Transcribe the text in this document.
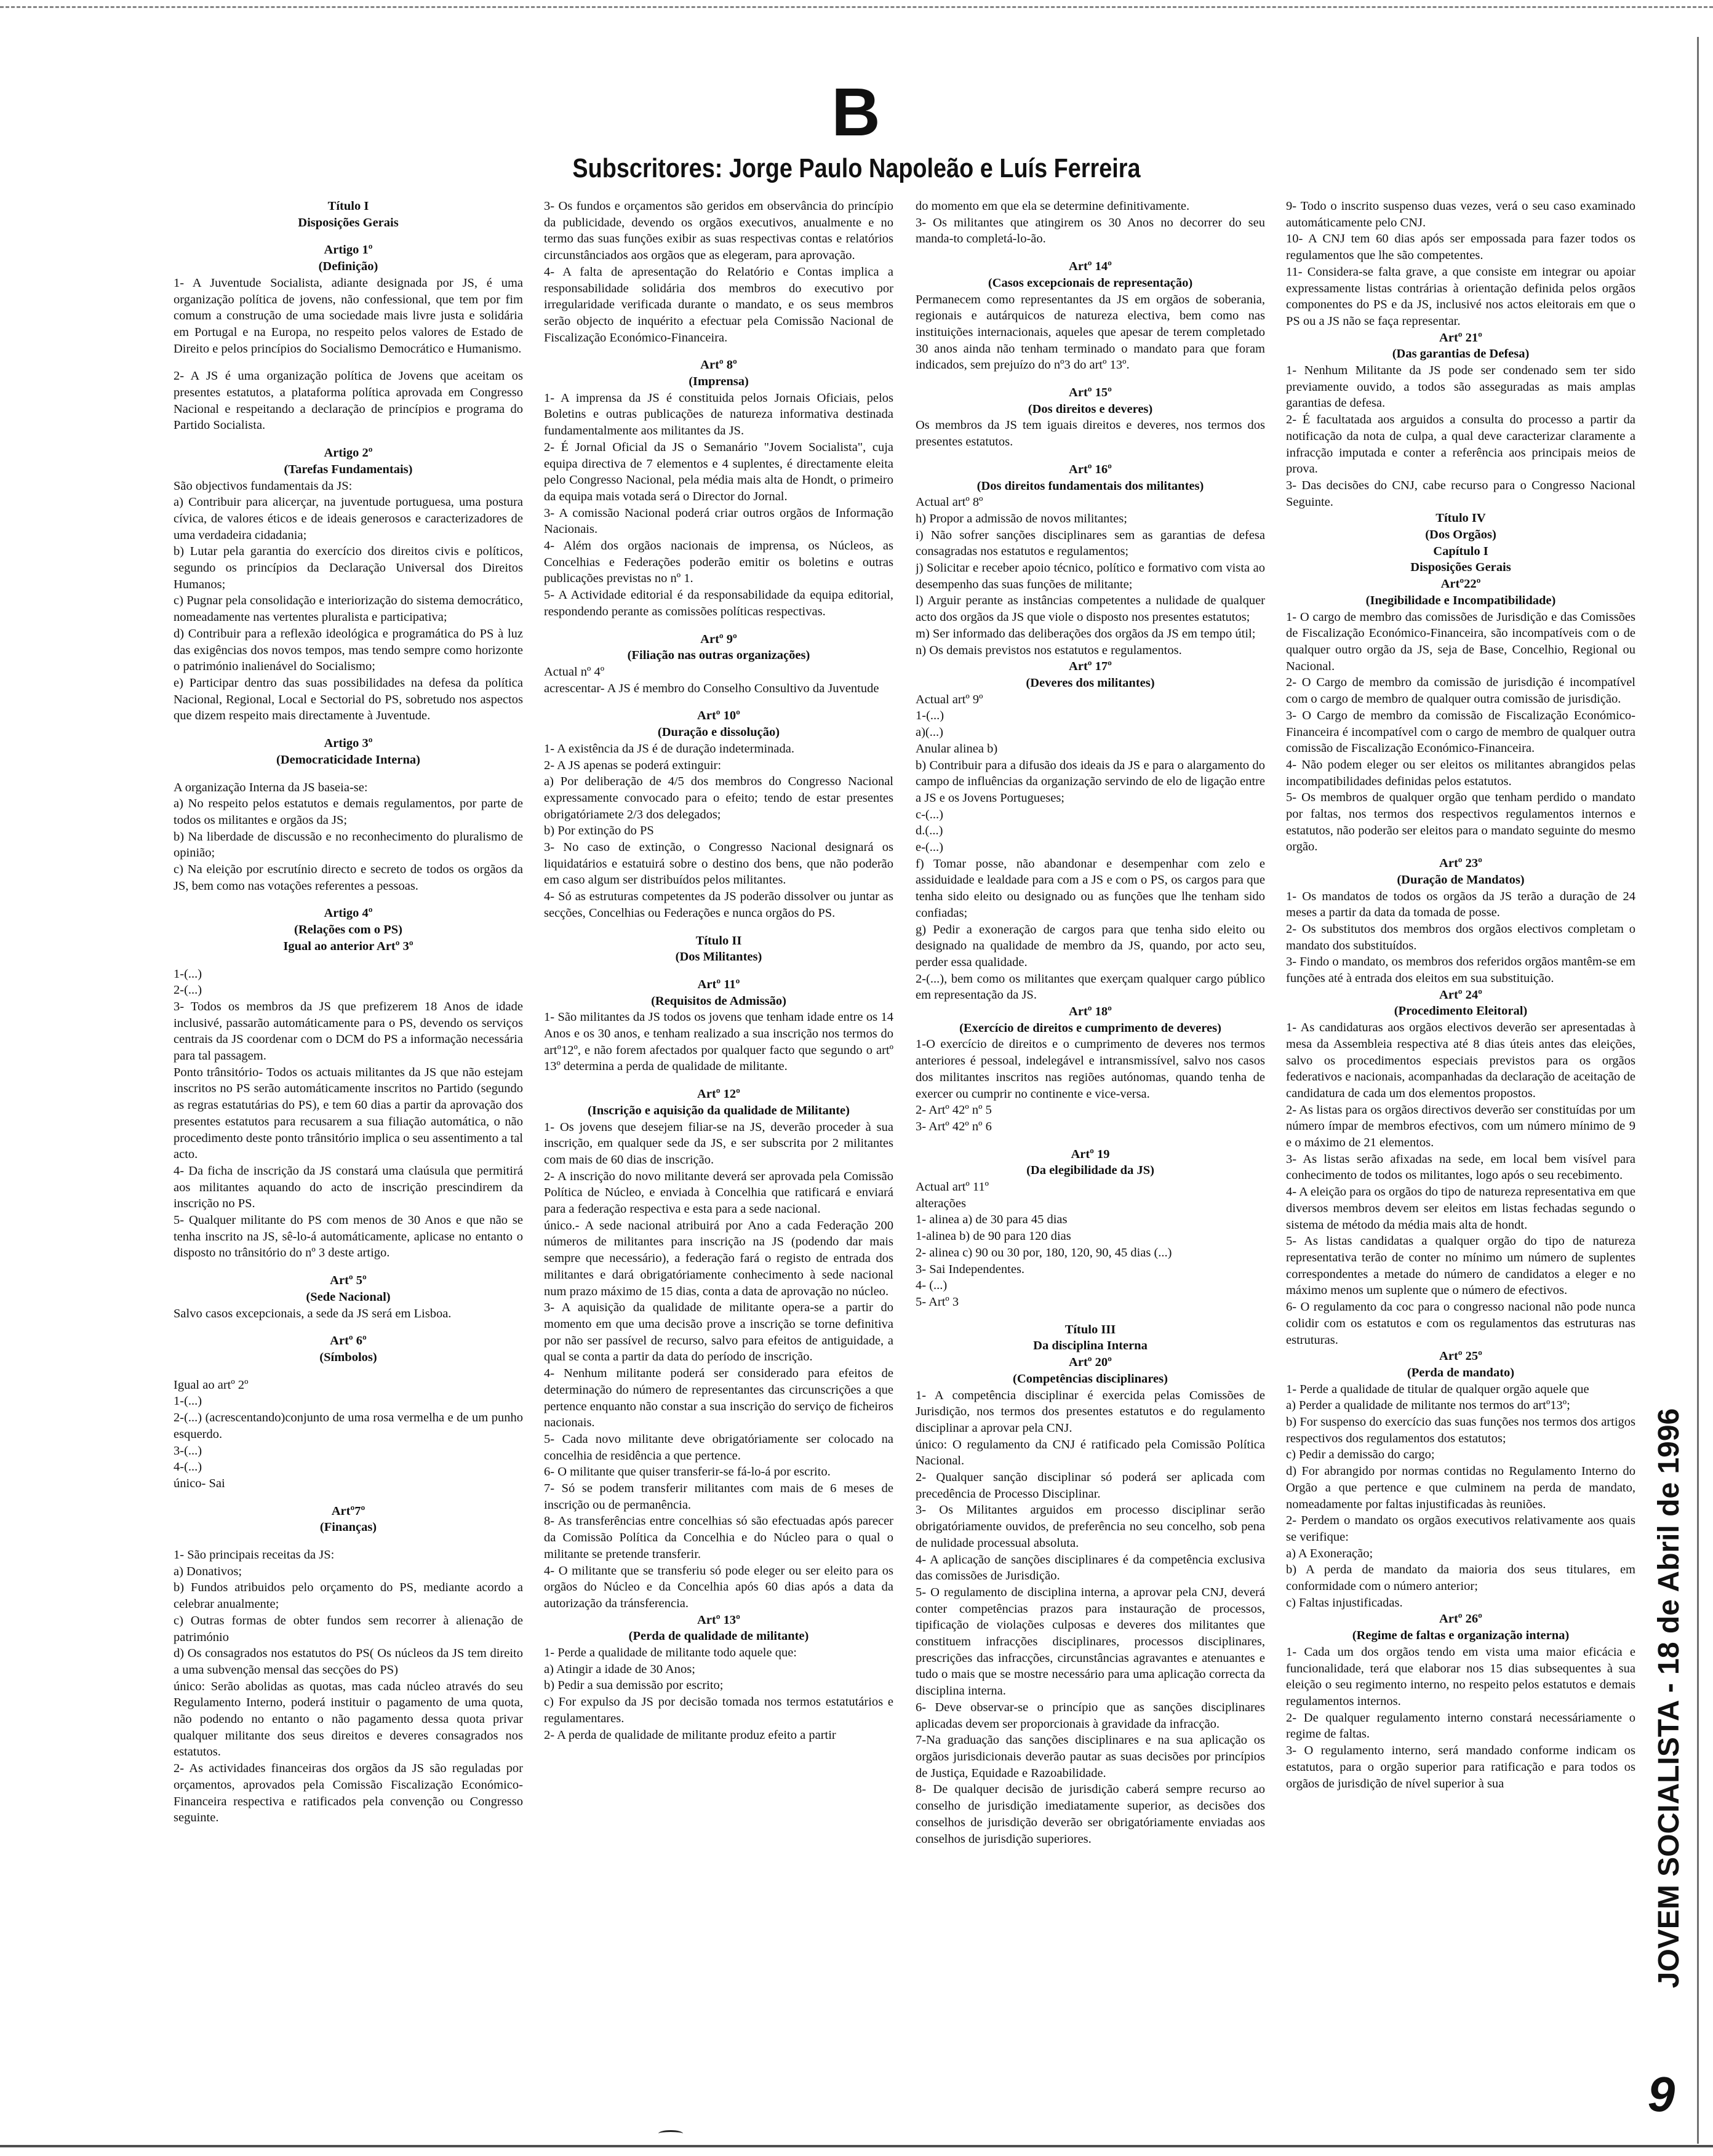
B
Subscritores: Jorge Paulo Napoleão e Luís Ferreira
Título I
Disposições Gerais
Artigo 1º
(Definição)
1- A Juventude Socialista, adiante designada por JS, é uma organização política de jovens, não confessional, que tem por fim comum a construção de uma sociedade mais livre justa e solidária em Portugal e na Europa, no respeito pelos valores de Estado de Direito e pelos princípios do Socialismo Democrático e Humanismo.
2- A JS é uma organização política de Jovens que aceitam os presentes estatutos, a plataforma política aprovada em Congresso Nacional e respeitando a declaração de princípios e programa do Partido Socialista.
Artigo 2º
(Tarefas Fundamentais)
São objectivos fundamentais da JS:
a) Contribuir para alicerçar, na juventude portuguesa, uma postura cívica, de valores éticos e de ideais generosos e caracterizadores de uma verdadeira cidadania;
b) Lutar pela garantia do exercício dos direitos civis e políticos, segundo os princípios da Declaração Universal dos Direitos Humanos;
c) Pugnar pela consolidação e interiorização do sistema democrático, nomeadamente nas vertentes pluralista e participativa;
d) Contribuir para a reflexão ideológica e programática do PS à luz das exigências dos novos tempos, mas tendo sempre como horizonte o património inalienável do Socialismo;
e) Participar dentro das suas possibilidades na defesa da política Nacional, Regional, Local e Sectorial do PS, sobretudo nos aspectos que dizem respeito mais directamente à Juventude.
Artigo 3º
(Democraticidade Interna)
A organização Interna da JS baseia-se:
a) No respeito pelos estatutos e demais regulamentos, por parte de todos os militantes e orgãos da JS;
b) Na liberdade de discussão e no reconhecimento do pluralismo de opinião;
c) Na eleição por escrutínio directo e secreto de todos os orgãos da JS, bem como nas votações referentes a pessoas.
Artigo 4º
(Relações com o PS)
Igual ao anterior Artº 3º
1-(...)
2-(...)
3- Todos os membros da JS que prefizerem 18 Anos de idade inclusivé, passarão automáticamente para o PS, devendo os serviços centrais da JS coordenar com o DCM do PS a informação necessária para tal passagem.
Ponto trânsitório- Todos os actuais militantes da JS que não estejam inscritos no PS serão automáticamente inscritos no Partido (segundo as regras estatutárias do PS), e tem 60 dias a partir da aprovação dos presentes estatutos para recusarem a sua filiação automática, o não procedimento deste ponto trânsitório implica o seu assentimento a tal acto.
4- Da ficha de inscrição da JS constará uma claúsula que permitirá aos militantes aquando do acto de inscrição prescindirem da inscrição no PS.
5- Qualquer militante do PS com menos de 30 Anos e que não se tenha inscrito na JS, sê-lo-á automáticamente, aplicase no entanto o disposto no trânsitório do nº 3 deste artigo.
Artº 5º
(Sede Nacional)
Salvo casos excepcionais, a sede da JS será em Lisboa.
Artº 6º
(Símbolos)
Igual ao artº 2º
1-(...)
2-(...) (acrescentando)conjunto de uma rosa vermelha e de um punho esquerdo.
3-(...)
4-(...)
único- Sai
Artº7º
(Finanças)
1- São principais receitas da JS:
a) Donativos;
b) Fundos atribuidos pelo orçamento do PS, mediante acordo a celebrar anualmente;
c) Outras formas de obter fundos sem recorrer à alienação de património
d) Os consagrados nos estatutos do PS( Os núcleos da JS tem direito a uma subvenção mensal das secções do PS)
único: Serão abolidas as quotas, mas cada núcleo através do seu Regulamento Interno, poderá instituir o pagamento de uma quota, não podendo no entanto o não pagamento dessa quota privar qualquer militante dos seus direitos e deveres consagrados nos estatutos.
2- As actividades financeiras dos orgãos da JS são reguladas por orçamentos, aprovados pela Comissão Fiscalização Económico- Financeira respectiva e ratificados pela convenção ou Congresso seguinte.
3- Os fundos e orçamentos são geridos em observância do princípio da publicidade, devendo os orgãos executivos, anualmente e no termo das suas funções exibir as suas respectivas contas e relatórios circunstânciados aos orgãos que as elegeram, para aprovação.
4- A falta de apresentação do Relatório e Contas implica a responsabilidade solidária dos membros do executivo por irregularidade verificada durante o mandato, e os seus membros serão objecto de inquérito a efectuar pela Comissão Nacional de Fiscalização Económico-Financeira.
Artº 8º
(Imprensa)
1- A imprensa da JS é constituida pelos Jornais Oficiais, pelos Boletins e outras publicações de natureza informativa destinada fundamentalmente aos militantes da JS.
2- É Jornal Oficial da JS o Semanário "Jovem Socialista", cuja equipa directiva de 7 elementos e 4 suplentes, é directamente eleita pelo Congresso Nacional, pela média mais alta de Hondt, o primeiro da equipa mais votada será o Director do Jornal.
3- A comissão Nacional poderá criar outros orgãos de Informação Nacionais.
4- Além dos orgãos nacionais de imprensa, os Núcleos, as Concelhias e Federações poderão emitir os boletins e outras publicações previstas no nº 1.
5- A Actividade editorial é da responsabilidade da equipa editorial, respondendo perante as comissões políticas respectivas.
Artº 9º
(Filiação nas outras organizações)
Actual nº 4º
acrescentar- A JS é membro do Conselho Consultivo da Juventude
Artº 10º
(Duração e dissolução)
1- A existência da JS é de duração indeterminada.
2- A JS apenas se poderá extinguir:
a) Por deliberação de 4/5 dos membros do Congresso Nacional expressamente convocado para o efeito; tendo de estar presentes obrigatóriamete 2/3 dos delegados;
b) Por extinção do PS
3- No caso de extinção, o Congresso Nacional designará os liquidatários e estatuirá sobre o destino dos bens, que não poderão em caso algum ser distribuídos pelos militantes.
4- Só as estruturas competentes da JS poderão dissolver ou juntar as secções, Concelhias ou Federações e nunca orgãos do PS.
Título II
(Dos Militantes)
Artº 11º
(Requisitos de Admissão)
1- São militantes da JS todos os jovens que tenham idade entre os 14 Anos e os 30 anos, e tenham realizado a sua inscrição nos termos do artº12º, e não forem afectados por qualquer facto que segundo o artº 13º determina a perda de qualidade de militante.
Artº 12º
(Inscrição e aquisição da qualidade de Militante)
1- Os jovens que desejem filiar-se na JS, deverão proceder à sua inscrição, em qualquer sede da JS, e ser subscrita por 2 militantes com mais de 60 dias de inscrição.
2- A inscrição do novo militante deverá ser aprovada pela Comissão Política de Núcleo, e enviada à Concelhia que ratificará e enviará para a federação respectiva e esta para a sede nacional.
único.- A sede nacional atribuirá por Ano a cada Federação 200 números de militantes para inscrição na JS (podendo dar mais sempre que necessário), a federação fará o registo de entrada dos militantes e dará obrigatóriamente conhecimento à sede nacional num prazo máximo de 15 dias, conta a data de aprovação no núcleo.
3- A aquisição da qualidade de militante opera-se a partir do momento em que uma decisão prove a inscrição se torne definitiva por não ser passível de recurso, salvo para efeitos de antiguidade, a qual se conta a partir da data do período de inscrição.
4- Nenhum militante poderá ser considerado para efeitos de determinação do número de representantes das circunscrições a que pertence enquanto não constar a sua inscrição do serviço de ficheiros nacionais.
5- Cada novo militante deve obrigatóriamente ser colocado na concelhia de residência a que pertence.
6- O militante que quiser transferir-se fá-lo-á por escrito.
7- Só se podem transferir militantes com mais de 6 meses de inscrição ou de permanência.
8- As transferências entre concelhias só são efectuadas após parecer da Comissão Política da Concelhia e do Núcleo para o qual o militante se pretende transferir.
4- O militante que se transferiu só pode eleger ou ser eleito para os orgãos do Núcleo e da Concelhia após 60 dias após a data da autorização da tránsferencia.
Artº 13º
(Perda de qualidade de militante)
1- Perde a qualidade de militante todo aquele que:
a) Atingir a idade de 30 Anos;
b) Pedir a sua demissão por escrito;
c) For expulso da JS por decisão tomada nos termos estatutários e regulamentares.
2- A perda de qualidade de militante produz efeito a partir
do momento em que ela se determine definitivamente.
3- Os militantes que atingirem os 30 Anos no decorrer do seu manda-to completá-lo-ão.
Artº 14º
(Casos excepcionais de representação)
Permanecem como representantes da JS em orgãos de soberania, regionais e autárquicos de natureza electiva, bem como nas instituições internacionais, aqueles que apesar de terem completado 30 anos ainda não tenham terminado o mandato para que foram indicados, sem prejuízo do nº3 do artº 13º.
Artº 15º
(Dos direitos e deveres)
Os membros da JS tem iguais direitos e deveres, nos termos dos presentes estatutos.
Artº 16º
(Dos direitos fundamentais dos militantes)
Actual artº 8º
h) Propor a admissão de novos militantes;
i) Não sofrer sanções disciplinares sem as garantias de defesa consagradas nos estatutos e regulamentos;
j) Solicitar e receber apoio técnico, político e formativo com vista ao desempenho das suas funções de militante;
l) Arguir perante as instâncias competentes a nulidade de qualquer acto dos orgãos da JS que viole o disposto nos presentes estatutos;
m) Ser informado das deliberações dos orgãos da JS em tempo útil;
n) Os demais previstos nos estatutos e regulamentos.
Artº 17º
(Deveres dos militantes)
Actual artº 9º
1-(...)
a)(...)
Anular alinea b)
b) Contribuir para a difusão dos ideais da JS e para o alargamento do campo de influências da organização servindo de elo de ligação entre a JS e os Jovens Portugueses;
c-(...)
d.(...)
e-(...)
f) Tomar posse, não abandonar e desempenhar com zelo e assiduidade e lealdade para com a JS e com o PS, os cargos para que tenha sido eleito ou designado ou as funções que lhe tenham sido confiadas;
g) Pedir a exoneração de cargos para que tenha sido eleito ou designado na qualidade de membro da JS, quando, por acto seu, perder essa qualidade.
2-(...), bem como os militantes que exerçam qualquer cargo público em representação da JS.
Artº 18º
(Exercício de direitos e cumprimento de deveres)
1-O exercício de direitos e o cumprimento de deveres nos termos anteriores é pessoal, indelegável e intransmissível, salvo nos casos dos militantes inscritos nas regiões autónomas, quando tenha de exercer ou cumprir no continente e vice-versa.
2- Artº 42º nº 5
3- Artº 42º nº 6
Artº 19
(Da elegibilidade da JS)
Actual artº 11º
alterações
1- alinea a) de 30 para 45 dias
1-alinea b) de 90 para 120 dias
2- alinea c) 90 ou 30 por, 180, 120, 90, 45 dias (...)
3- Sai Independentes.
4- (...)
5- Artº 3
Título III
Da disciplina Interna
Artº 20º
(Competências disciplinares)
1- A competência disciplinar é exercida pelas Comissões de Jurisdição, nos termos dos presentes estatutos e do regulamento disciplinar a aprovar pela CNJ.
único: O regulamento da CNJ é ratificado pela Comissão Política Nacional.
2- Qualquer sanção disciplinar só poderá ser aplicada com precedência de Processo Disciplinar.
3- Os Militantes arguidos em processo disciplinar serão obrigatóriamente ouvidos, de preferência no seu concelho, sob pena de nulidade processual absoluta.
4- A aplicação de sanções disciplinares é da competência exclusiva das comissões de Jurisdição.
5- O regulamento de disciplina interna, a aprovar pela CNJ, deverá conter competências prazos para instauração de processos, tipificação de violações culposas e deveres dos militantes que constituem infracções disciplinares, processos disciplinares, prescrições das infracções, circunstâncias agravantes e atenuantes e tudo o mais que se mostre necessário para uma aplicação correcta da disciplina interna.
6- Deve observar-se o princípio que as sanções disciplinares aplicadas devem ser proporcionais à gravidade da infracção.
7-Na graduação das sanções disciplinares e na sua aplicação os orgãos jurisdicionais deverão pautar as suas decisões por princípios de Justiça, Equidade e Razoabilidade.
8- De qualquer decisão de jurisdição caberá sempre recurso ao conselho de jurisdição imediatamente superior, as decisões dos conselhos de jurisdição deverão ser obrigatóriamente enviadas aos conselhos de jurisdição superiores.
9- Todo o inscrito suspenso duas vezes, verá o seu caso examinado automáticamente pelo CNJ.
10- A CNJ tem 60 dias após ser empossada para fazer todos os regulamentos que lhe são competentes.
11- Considera-se falta grave, a que consiste em integrar ou apoiar expressamente listas contrárias à orientação definida pelos orgãos componentes do PS e da JS, inclusivé nos actos eleitorais em que o PS ou a JS não se faça representar.
Artº 21º
(Das garantias de Defesa)
1- Nenhum Militante da JS pode ser condenado sem ter sido previamente ouvido, a todos são asseguradas as mais amplas garantias de defesa.
2- É facultatada aos arguidos a consulta do processo a partir da notificação da nota de culpa, a qual deve caracterizar claramente a infracção imputada e conter a referência aos principais meios de prova.
3- Das decisões do CNJ, cabe recurso para o Congresso Nacional Seguinte.
Título IV
(Dos Orgãos)
Capítulo I
Disposições Gerais
Artº22º
(Inegibilidade e Incompatibilidade)
1- O cargo de membro das comissões de Jurisdição e das Comissões de Fiscalização Económico-Financeira, são incompatíveis com o de qualquer outro orgão da JS, seja de Base, Concelhio, Regional ou Nacional.
2- O Cargo de membro da comissão de jurisdição é incompatível com o cargo de membro de qualquer outra comissão de jurisdição.
3- O Cargo de membro da comissão de Fiscalização Económico-Financeira é incompatível com o cargo de membro de qualquer outra comissão de Fiscalização Económico-Financeira.
4- Não podem eleger ou ser eleitos os militantes abrangidos pelas incompatibilidades definidas pelos estatutos.
5- Os membros de qualquer orgão que tenham perdido o mandato por faltas, nos termos dos respectivos regulamentos internos e estatutos, não poderão ser eleitos para o mandato seguinte do mesmo orgão.
Artº 23º
(Duração de Mandatos)
1- Os mandatos de todos os orgãos da JS terão a duração de 24 meses a partir da data da tomada de posse.
2- Os substitutos dos membros dos orgãos electivos completam o mandato dos substituídos.
3- Findo o mandato, os membros dos referidos orgãos mantêm-se em funções até à entrada dos eleitos em sua substituição.
Artº 24º
(Procedimento Eleitoral)
1- As candidaturas aos orgãos electivos deverão ser apresentadas à mesa da Assembleia respectiva até 8 dias úteis antes das eleições, salvo os procedimentos especiais previstos para os orgãos federativos e nacionais, acompanhadas da declaração de aceitação de candidatura de cada um dos elementos propostos.
2- As listas para os orgãos directivos deverão ser constituídas por um número ímpar de membros efectivos, com um número mínimo de 9 e o máximo de 21 elementos.
3- As listas serão afixadas na sede, em local bem visível para conhecimento de todos os militantes, logo após o seu recebimento.
4- A eleição para os orgãos do tipo de natureza representativa em que diversos membros devem ser eleitos em listas fechadas segundo o sistema de método da média mais alta de hondt.
5- As listas candidatas a qualquer orgão do tipo de natureza representativa terão de conter no mínimo um número de suplentes correspondentes a metade do número de candidatos a eleger e no máximo menos um suplente que o número de efectivos.
6- O regulamento da coc para o congresso nacional não pode nunca colidir com os estatutos e com os regulamentos das estruturas nas estruturas.
Artº 25º
(Perda de mandato)
1- Perde a qualidade de titular de qualquer orgão aquele que
a) Perder a qualidade de militante nos termos do artº13º;
b) For suspenso do exercício das suas funções nos termos dos artigos respectivos dos regulamentos dos estatutos;
c) Pedir a demissão do cargo;
d) For abrangido por normas contidas no Regulamento Interno do Orgão a que pertence e que culminem na perda de mandato, nomeadamente por faltas injustificadas às reuniões.
2- Perdem o mandato os orgãos executivos relativamente aos quais se verifique:
a) A Exoneração;
b) A perda de mandato da maioria dos seus titulares, em conformidade com o número anterior;
c) Faltas injustificadas.
Artº 26º
(Regime de faltas e organização interna)
1- Cada um dos orgãos tendo em vista uma maior eficácia e funcionalidade, terá que elaborar nos 15 dias subsequentes à sua eleição o seu regimento interno, no respeito pelos estatutos e demais regulamentos internos.
2- De qualquer regulamento interno constará necessáriamente o regime de faltas.
3- O regulamento interno, será mandado conforme indicam os estatutos, para o orgão superior para ratificação e para todos os orgãos de jurisdição de nível superior à sua	JOVEM SOCIALISTA - 18 de Abril de 1996
9
